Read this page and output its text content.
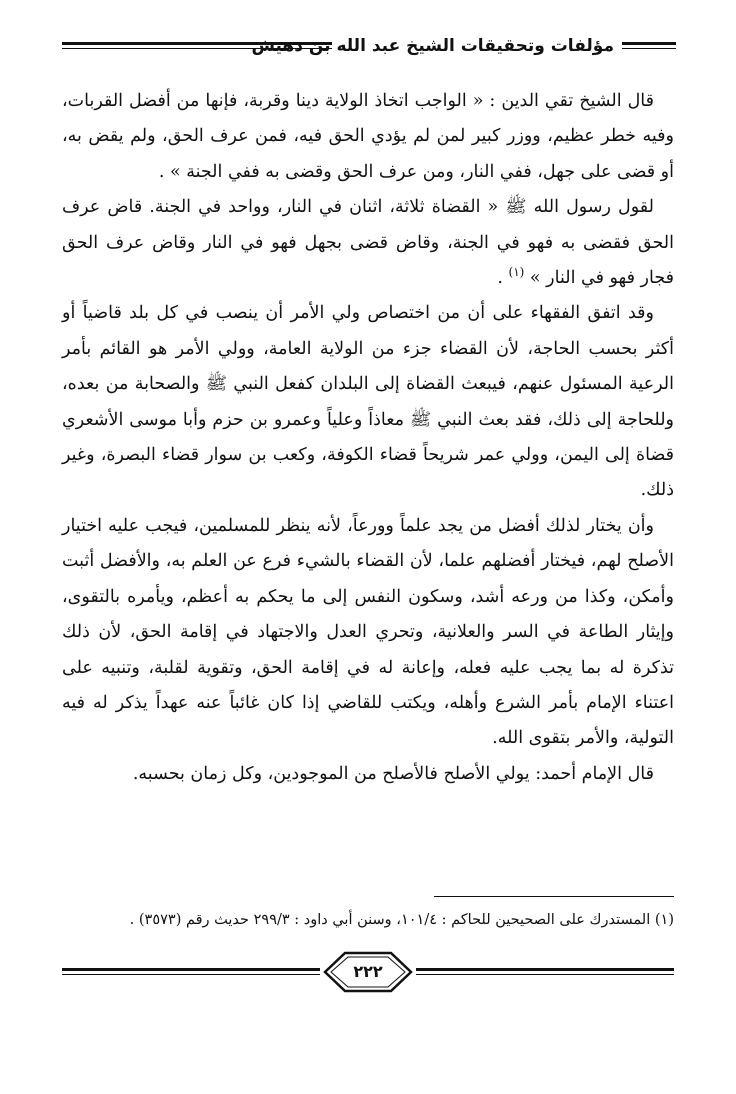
مؤلفات وتحقيقات الشيخ عبد الله بن دهيش

قال الشيخ تقي الدين : « الواجب اتخاذ الولاية دينا وقربة، فإنها من أفضل القربات، وفيه خطر عظيم، ووزر كبير لمن لم يؤدي الحق فيه، فمن عرف الحق، ولم يقض به، أو قضى على جهل، ففي النار، ومن عرف الحق وقضى به ففي الجنة » .

لقول رسول الله ﷺ « القضاة ثلاثة، اثنان في النار، وواحد في الجنة. قاض عرف الحق فقضى به فهو في الجنة، وقاض قضى بجهل فهو في النار وقاض عرف الحق فجار فهو في النار » $^{(١)}$ .

وقد اتفق الفقهاء على أن من اختصاص ولي الأمر أن ينصب في كل بلد قاضياً أو أكثر بحسب الحاجة، لأن القضاء جزء من الولاية العامة، وولي الأمر هو القائم بأمر الرعية المسئول عنهم، فيبعث القضاة إلى البلدان كفعل النبي ﷺ والصحابة من بعده، وللحاجة إلى ذلك، فقد بعث النبي ﷺ معاذاً وعلياً وعمرو بن حزم وأبا موسى الأشعري قضاة إلى اليمن، وولي عمر شريحاً قضاء الكوفة، وكعب بن سوار قضاء البصرة، وغير ذلك.

وأن يختار لذلك أفضل من يجد علماً وورعاً، لأنه ينظر للمسلمين، فيجب عليه اختيار الأصلح لهم، فيختار أفضلهم علما، لأن القضاء بالشيء فرع عن العلم به، والأفضل أثبت وأمكن، وكذا من ورعه أشد، وسكون النفس إلى ما يحكم به أعظم، ويأمره بالتقوى، وإيثار الطاعة في السر والعلانية، وتحري العدل والاجتهاد في إقامة الحق، لأن ذلك تذكرة له بما يجب عليه فعله، وإعانة له في إقامة الحق، وتقوية لقلبة، وتنبيه على اعتناء الإمام بأمر الشرع وأهله، ويكتب للقاضي إذا كان غائباً عنه عهداً يذكر له فيه التولية، والأمر بتقوى الله.

قال الإمام أحمد: يولي الأصلح فالأصلح من الموجودين، وكل زمان بحسبه.

(١) المستدرك على الصحيحين للحاكم : ١٠١/٤، وسنن أبي داود : ٢٩٩/٣ حديث رقم (٣٥٧٣) .
٢٢٢
